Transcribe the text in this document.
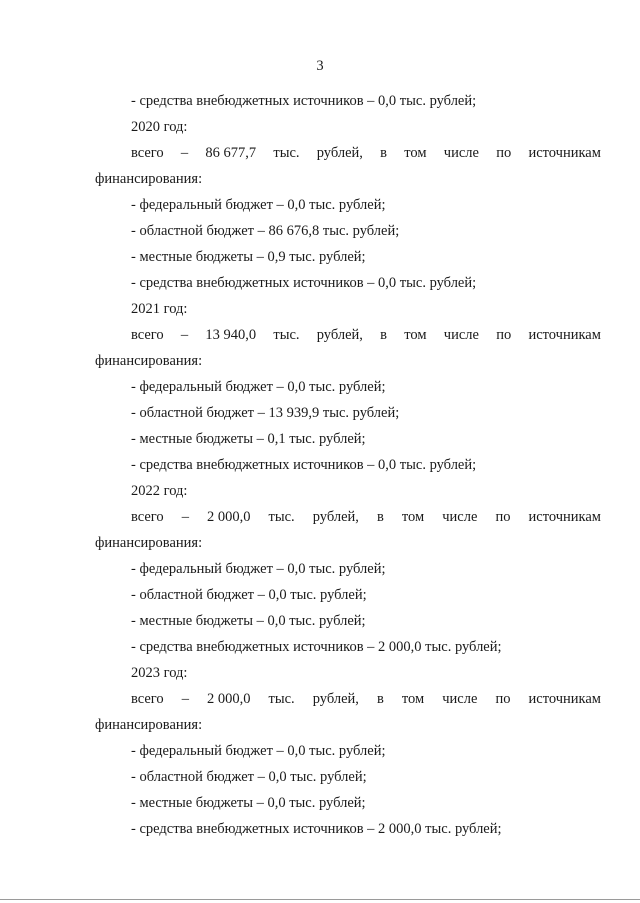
3
- средства внебюджетных источников – 0,0 тыс. рублей;
2020 год:
всего – 86 677,7 тыс. рублей, в том числе по источникам
финансирования:
- федеральный бюджет – 0,0 тыс. рублей;
- областной бюджет – 86 676,8 тыс. рублей;
- местные бюджеты – 0,9 тыс. рублей;
- средства внебюджетных источников – 0,0 тыс. рублей;
2021 год:
всего – 13 940,0 тыс. рублей, в том числе по источникам
финансирования:
- федеральный бюджет – 0,0 тыс. рублей;
- областной бюджет – 13 939,9 тыс. рублей;
- местные бюджеты – 0,1 тыс. рублей;
- средства внебюджетных источников – 0,0 тыс. рублей;
2022 год:
всего – 2 000,0 тыс. рублей, в том числе по источникам
финансирования:
- федеральный бюджет – 0,0 тыс. рублей;
- областной бюджет – 0,0 тыс. рублей;
- местные бюджеты – 0,0 тыс. рублей;
- средства внебюджетных источников – 2 000,0 тыс. рублей;
2023 год:
всего – 2 000,0 тыс. рублей, в том числе по источникам
финансирования:
- федеральный бюджет – 0,0 тыс. рублей;
- областной бюджет – 0,0 тыс. рублей;
- местные бюджеты – 0,0 тыс. рублей;
- средства внебюджетных источников – 2 000,0 тыс. рублей;
